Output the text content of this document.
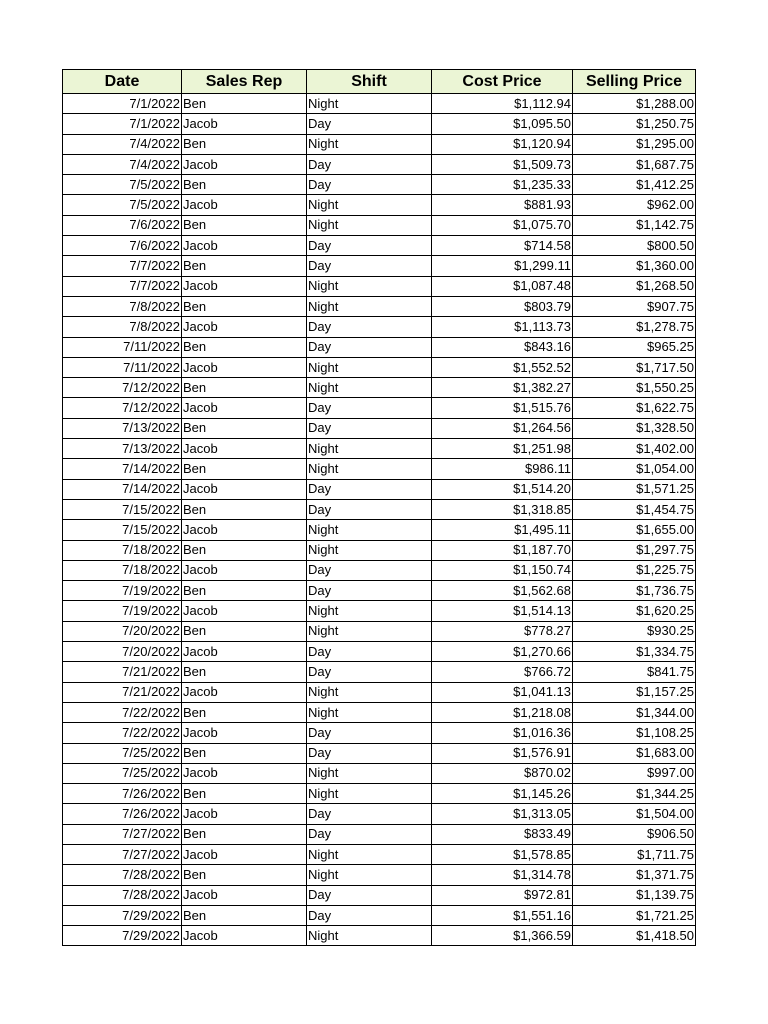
Date	Sales Rep	Shift	Cost Price	Selling Price
7/1/2022	Ben	Night	$1,112.94	$1,288.00
7/1/2022	Jacob	Day	$1,095.50	$1,250.75
7/4/2022	Ben	Night	$1,120.94	$1,295.00
7/4/2022	Jacob	Day	$1,509.73	$1,687.75
7/5/2022	Ben	Day	$1,235.33	$1,412.25
7/5/2022	Jacob	Night	$881.93	$962.00
7/6/2022	Ben	Night	$1,075.70	$1,142.75
7/6/2022	Jacob	Day	$714.58	$800.50
7/7/2022	Ben	Day	$1,299.11	$1,360.00
7/7/2022	Jacob	Night	$1,087.48	$1,268.50
7/8/2022	Ben	Night	$803.79	$907.75
7/8/2022	Jacob	Day	$1,113.73	$1,278.75
7/11/2022	Ben	Day	$843.16	$965.25
7/11/2022	Jacob	Night	$1,552.52	$1,717.50
7/12/2022	Ben	Night	$1,382.27	$1,550.25
7/12/2022	Jacob	Day	$1,515.76	$1,622.75
7/13/2022	Ben	Day	$1,264.56	$1,328.50
7/13/2022	Jacob	Night	$1,251.98	$1,402.00
7/14/2022	Ben	Night	$986.11	$1,054.00
7/14/2022	Jacob	Day	$1,514.20	$1,571.25
7/15/2022	Ben	Day	$1,318.85	$1,454.75
7/15/2022	Jacob	Night	$1,495.11	$1,655.00
7/18/2022	Ben	Night	$1,187.70	$1,297.75
7/18/2022	Jacob	Day	$1,150.74	$1,225.75
7/19/2022	Ben	Day	$1,562.68	$1,736.75
7/19/2022	Jacob	Night	$1,514.13	$1,620.25
7/20/2022	Ben	Night	$778.27	$930.25
7/20/2022	Jacob	Day	$1,270.66	$1,334.75
7/21/2022	Ben	Day	$766.72	$841.75
7/21/2022	Jacob	Night	$1,041.13	$1,157.25
7/22/2022	Ben	Night	$1,218.08	$1,344.00
7/22/2022	Jacob	Day	$1,016.36	$1,108.25
7/25/2022	Ben	Day	$1,576.91	$1,683.00
7/25/2022	Jacob	Night	$870.02	$997.00
7/26/2022	Ben	Night	$1,145.26	$1,344.25
7/26/2022	Jacob	Day	$1,313.05	$1,504.00
7/27/2022	Ben	Day	$833.49	$906.50
7/27/2022	Jacob	Night	$1,578.85	$1,711.75
7/28/2022	Ben	Night	$1,314.78	$1,371.75
7/28/2022	Jacob	Day	$972.81	$1,139.75
7/29/2022	Ben	Day	$1,551.16	$1,721.25
7/29/2022	Jacob	Night	$1,366.59	$1,418.50
